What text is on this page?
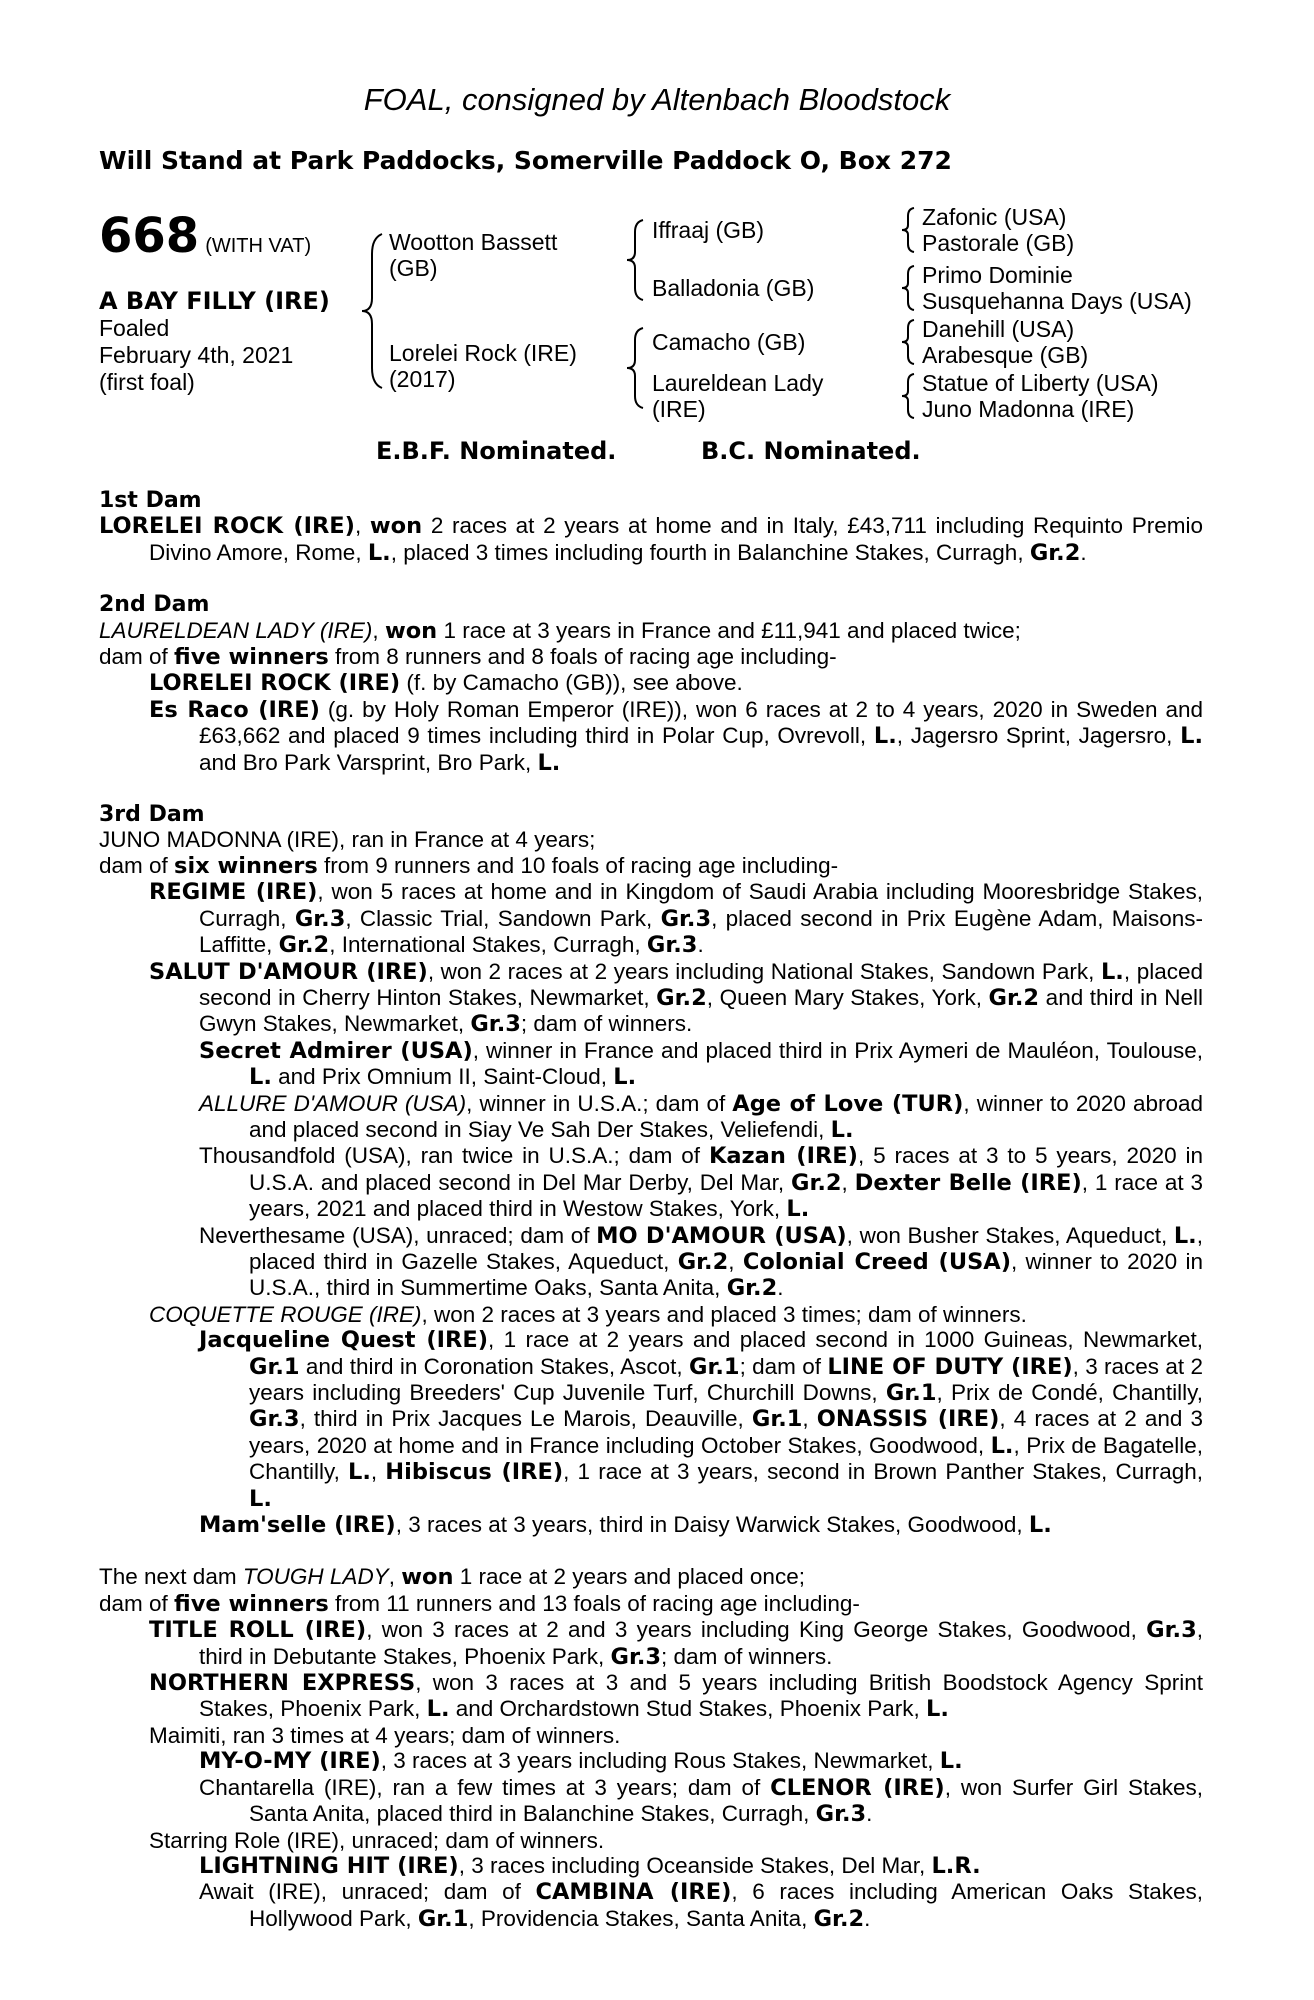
FOAL, consigned by Altenbach Bloodstock
Will Stand at Park Paddocks, Somerville Paddock O, Box 272
668 (WITH VAT)
A BAY FILLY (IRE)
Foaled
February 4th, 2021
(first foal)
Wootton Bassett
(GB)
Lorelei Rock (IRE)
(2017)
Iffraaj (GB)
Balladonia (GB)
Camacho (GB)
Laureldean Lady
(IRE)
Zafonic (USA)
Pastorale (GB)
Primo Dominie
Susquehanna Days (USA)
Danehill (USA)
Arabesque (GB)
Statue of Liberty (USA)
Juno Madonna (IRE)
E.B.F. Nominated.	B.C. Nominated.
1st Dam

LORELEI ROCK (IRE), won 2 races at 2 years at home and in Italy, £43,711 including Requinto Premio Divino Amore, Rome, L., placed 3 times including fourth in Balanchine Stakes, Curragh, Gr.2.

2nd Dam

LAURELDEAN LADY (IRE), won 1 race at 3 years in France and £11,941 and placed twice;

dam of five winners from 8 runners and 8 foals of racing age including-

LORELEI ROCK (IRE) (f. by Camacho (GB)), see above.

Es Raco (IRE) (g. by Holy Roman Emperor (IRE)), won 6 races at 2 to 4 years, 2020 in Sweden and £63,662 and placed 9 times including third in Polar Cup, Ovrevoll, L., Jagersro Sprint, Jagersro, L. and Bro Park Varsprint, Bro Park, L.

3rd Dam

JUNO MADONNA (IRE), ran in France at 4 years;

dam of six winners from 9 runners and 10 foals of racing age including-

REGIME (IRE), won 5 races at home and in Kingdom of Saudi Arabia including Mooresbridge Stakes, Curragh, Gr.3, Classic Trial, Sandown Park, Gr.3, placed second in Prix Eugène Adam, Maisons-Laffitte, Gr.2, International Stakes, Curragh, Gr.3.

SALUT D'AMOUR (IRE), won 2 races at 2 years including National Stakes, Sandown Park, L., placed second in Cherry Hinton Stakes, Newmarket, Gr.2, Queen Mary Stakes, York, Gr.2 and third in Nell Gwyn Stakes, Newmarket, Gr.3; dam of winners.

Secret Admirer (USA), winner in France and placed third in Prix Aymeri de Mauléon, Toulouse, L. and Prix Omnium II, Saint-Cloud, L.

ALLURE D'AMOUR (USA), winner in U.S.A.; dam of Age of Love (TUR), winner to 2020 abroad and placed second in Siay Ve Sah Der Stakes, Veliefendi, L.

Thousandfold (USA), ran twice in U.S.A.; dam of Kazan (IRE), 5 races at 3 to 5 years, 2020 in U.S.A. and placed second in Del Mar Derby, Del Mar, Gr.2, Dexter Belle (IRE), 1 race at 3 years, 2021 and placed third in Westow Stakes, York, L.

Neverthesame (USA), unraced; dam of MO D'AMOUR (USA), won Busher Stakes, Aqueduct, L., placed third in Gazelle Stakes, Aqueduct, Gr.2, Colonial Creed (USA), winner to 2020 in U.S.A., third in Summertime Oaks, Santa Anita, Gr.2.

COQUETTE ROUGE (IRE), won 2 races at 3 years and placed 3 times; dam of winners.

Jacqueline Quest (IRE), 1 race at 2 years and placed second in 1000 Guineas, Newmarket, Gr.1 and third in Coronation Stakes, Ascot, Gr.1; dam of LINE OF DUTY (IRE), 3 races at 2 years including Breeders' Cup Juvenile Turf, Churchill Downs, Gr.1, Prix de Condé, Chantilly, Gr.3, third in Prix Jacques Le Marois, Deauville, Gr.1, ONASSIS (IRE), 4 races at 2 and 3 years, 2020 at home and in France including October Stakes, Goodwood, L., Prix de Bagatelle, Chantilly, L., Hibiscus (IRE), 1 race at 3 years, second in Brown Panther Stakes, Curragh, L.

Mam'selle (IRE), 3 races at 3 years, third in Daisy Warwick Stakes, Goodwood, L.

The next dam TOUGH LADY, won 1 race at 2 years and placed once;

dam of five winners from 11 runners and 13 foals of racing age including-

TITLE ROLL (IRE), won 3 races at 2 and 3 years including King George Stakes, Goodwood, Gr.3, third in Debutante Stakes, Phoenix Park, Gr.3; dam of winners.

NORTHERN EXPRESS, won 3 races at 3 and 5 years including British Boodstock Agency Sprint Stakes, Phoenix Park, L. and Orchardstown Stud Stakes, Phoenix Park, L.

Maimiti, ran 3 times at 4 years; dam of winners.

MY-O-MY (IRE), 3 races at 3 years including Rous Stakes, Newmarket, L.

Chantarella (IRE), ran a few times at 3 years; dam of CLENOR (IRE), won Surfer Girl Stakes, Santa Anita, placed third in Balanchine Stakes, Curragh, Gr.3.

Starring Role (IRE), unraced; dam of winners.

LIGHTNING HIT (IRE), 3 races including Oceanside Stakes, Del Mar, L.R.

Await (IRE), unraced; dam of CAMBINA (IRE), 6 races including American Oaks Stakes, Hollywood Park, Gr.1, Providencia Stakes, Santa Anita, Gr.2.
